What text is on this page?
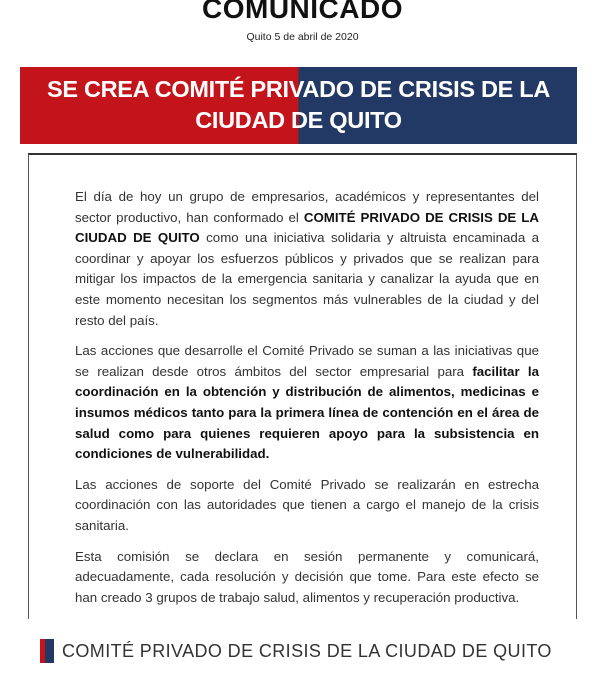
COMUNICADO
Quito 5 de abril de 2020
SE CREA COMITÉ PRIVADO DE CRISIS DE LA
CIUDAD DE QUITO

El día de hoy un grupo de empresarios, académicos y representantes del sector productivo, han conformado el COMITÉ PRIVADO DE CRISIS DE LA CIUDAD DE QUITO como una iniciativa solidaria y altruista encaminada a coordinar y apoyar los esfuerzos públicos y privados que se realizan para mitigar los impactos de la emergencia sanitaria y canalizar la ayuda que en este momento necesitan los segmentos más vulnerables de la ciudad y del resto del país.

Las acciones que desarrolle el Comité Privado se suman a las iniciativas que se realizan desde otros ámbitos del sector empresarial para facilitar la coordinación en la obtención y distribución de alimentos, medicinas e insumos médicos tanto para la primera línea de contención en el área de salud como para quienes requieren apoyo para la subsistencia en condiciones de vulnerabilidad.

Las acciones de soporte del Comité Privado se realizarán en estrecha coordinación con las autoridades que tienen a cargo el manejo de la crisis sanitaria.

Esta comisión se declara en sesión permanente y comunicará, adecuadamente, cada resolución y decisión que tome. Para este efecto se han creado 3 grupos de trabajo salud, alimentos y recuperación productiva.

COMITÉ PRIVADO DE CRISIS DE LA CIUDAD DE QUITO
